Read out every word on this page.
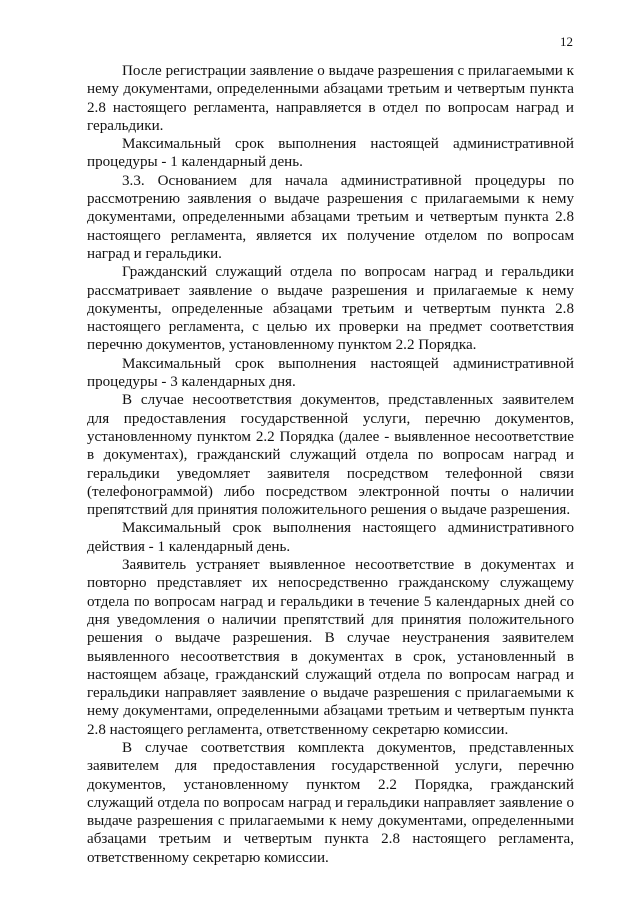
12

После регистрации заявление о выдаче разрешения с прилагаемыми к нему документами, определенными абзацами третьим и четвертым пункта 2.8 настоящего регламента, направляется в отдел по вопросам наград и геральдики.

Максимальный срок выполнения настоящей административной процедуры - 1 календарный день.

3.3. Основанием для начала административной процедуры по рассмотрению заявления о выдаче разрешения с прилагаемыми к нему документами, определенными абзацами третьим и четвертым пункта 2.8 настоящего регламента, является их получение отделом по вопросам наград и геральдики.

Гражданский служащий отдела по вопросам наград и геральдики рассматривает заявление о выдаче разрешения и прилагаемые к нему документы, определенные абзацами третьим и четвертым пункта 2.8 настоящего регламента, с целью их проверки на предмет соответствия перечню документов, установленному пунктом 2.2 Порядка.

Максимальный срок выполнения настоящей административной процедуры - 3 календарных дня.

В случае несоответствия документов, представленных заявителем для предоставления государственной услуги, перечню документов, установленному пунктом 2.2 Порядка (далее - выявленное несоответствие в документах), гражданский служащий отдела по вопросам наград и геральдики уведомляет заявителя посредством телефонной связи (телефонограммой) либо посредством электронной почты о наличии препятствий для принятия положительного решения о выдаче разрешения.

Максимальный срок выполнения настоящего административного действия - 1 календарный день.

Заявитель устраняет выявленное несоответствие в документах и повторно представляет их непосредственно гражданскому служащему отдела по вопросам наград и геральдики в течение 5 календарных дней со дня уведомления о наличии препятствий для принятия положительного решения о выдаче разрешения. В случае неустранения заявителем выявленного несоответствия в документах в срок, установленный в настоящем абзаце, гражданский служащий отдела по вопросам наград и геральдики направляет заявление о выдаче разрешения с прилагаемыми к нему документами, определенными абзацами третьим и четвертым пункта 2.8 настоящего регламента, ответственному секретарю комиссии.

В случае соответствия комплекта документов, представленных заявителем для предоставления государственной услуги, перечню документов, установленному пунктом 2.2 Порядка, гражданский служащий отдела по вопросам наград и геральдики направляет заявление о выдаче разрешения с прилагаемыми к нему документами, определенными абзацами третьим и четвертым пункта 2.8 настоящего регламента, ответственному секретарю комиссии.
